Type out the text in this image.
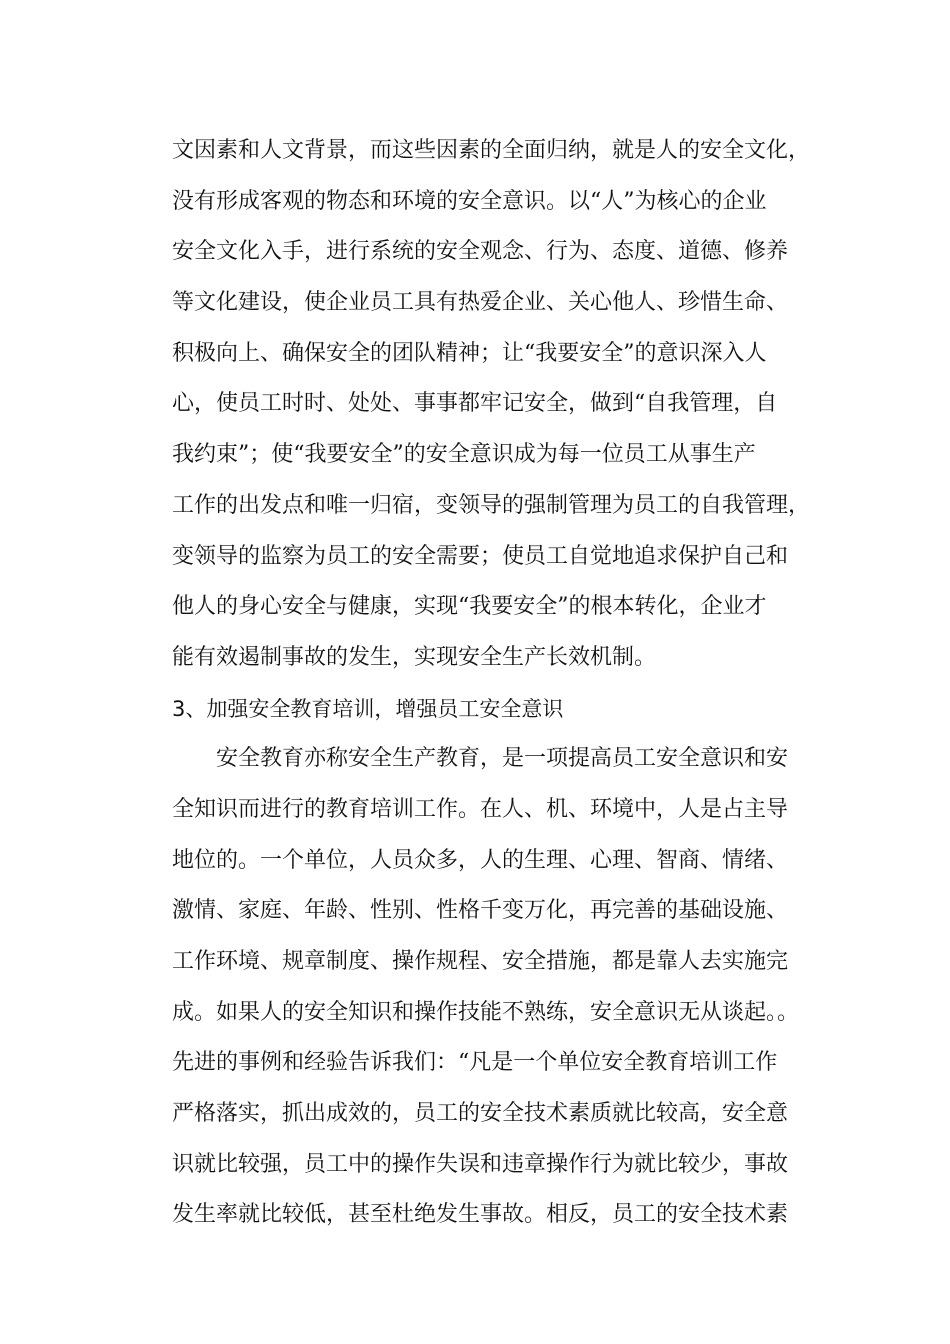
文因素和人文背景，而这些因素的全面归纳，就是人的安全文化，
没有形成客观的物态和环境的安全意识。以“人”为核心的企业
安全文化入手，进行系统的安全观念、行为、态度、道德、修养
等文化建设，使企业员工具有热爱企业、关心他人、珍惜生命、
积极向上、确保安全的团队精神；让“我要安全”的意识深入人
心，使员工时时、处处、事事都牢记安全，做到“自我管理，自
我约束”；使“我要安全”的安全意识成为每一位员工从事生产
工作的出发点和唯一归宿，变领导的强制管理为员工的自我管理，
变领导的监察为员工的安全需要；使员工自觉地追求保护自己和
他人的身心安全与健康，实现“我要安全”的根本转化，企业才
能有效遏制事故的发生，实现安全生产长效机制。
3、加强安全教育培训，增强员工安全意识
安全教育亦称安全生产教育，是一项提高员工安全意识和安
全知识而进行的教育培训工作。在人、机、环境中，人是占主导
地位的。一个单位，人员众多，人的生理、心理、智商、情绪、
激情、家庭、年龄、性别、性格千变万化，再完善的基础设施、
工作环境、规章制度、操作规程、安全措施，都是靠人去实施完
成。如果人的安全知识和操作技能不熟练，安全意识无从谈起。。
先进的事例和经验告诉我们：“凡是一个单位安全教育培训工作
严格落实，抓出成效的，员工的安全技术素质就比较高，安全意
识就比较强，员工中的操作失误和违章操作行为就比较少，事故
发生率就比较低，甚至杜绝发生事故。相反，员工的安全技术素
